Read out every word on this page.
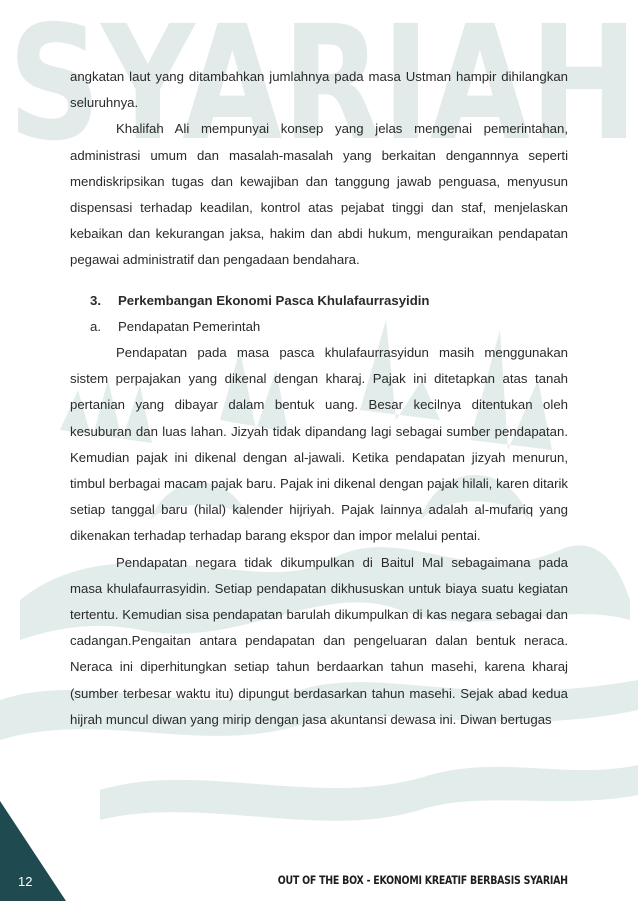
SYARIAH

angkatan laut yang ditambahkan jumlahnya pada masa Ustman hampir dihilangkan seluruhnya.

Khalifah Ali mempunyai konsep yang jelas mengenai pemerintahan, administrasi umum dan masalah-masalah yang berkaitan dengannnya seperti mendiskripsikan tugas dan kewajiban dan tanggung jawab penguasa, menyusun dispensasi terhadap keadilan, kontrol atas pejabat tinggi dan staf, menjelaskan kebaikan dan kekurangan jaksa, hakim dan abdi hukum, menguraikan pendapatan pegawai administratif dan pengadaan bendahara.

3. Perkembangan Ekonomi Pasca Khulafaurrasyidin

a. Pendapatan Pemerintah

Pendapatan pada masa pasca khulafaurrasyidun masih menggunakan sistem perpajakan yang dikenal dengan kharaj. Pajak ini ditetapkan atas tanah pertanian yang dibayar dalam bentuk uang. Besar kecilnya ditentukan oleh kesuburan dan luas lahan. Jizyah tidak dipandang lagi sebagai sumber pendapatan. Kemudian pajak ini dikenal dengan al-jawali. Ketika pendapatan jizyah menurun, timbul berbagai macam pajak baru. Pajak ini dikenal dengan pajak hilali, karen ditarik setiap tanggal baru (hilal) kalender hijriyah. Pajak lainnya adalah al-mufariq yang dikenakan terhadap terhadap barang ekspor dan impor melalui pentai.

Pendapatan negara tidak dikumpulkan di Baitul Mal sebagaimana pada masa khulafaurrasyidin. Setiap pendapatan dikhususkan untuk biaya suatu kegiatan tertentu. Kemudian sisa pendapatan barulah dikumpulkan di kas negara sebagai dan cadangan.Pengaitan antara pendapatan dan pengeluaran dalan bentuk neraca. Neraca ini diperhitungkan setiap tahun berdaarkan tahun masehi, karena kharaj (sumber terbesar waktu itu) dipungut berdasarkan tahun masehi. Sejak abad kedua hijrah muncul diwan yang mirip dengan jasa akuntansi dewasa ini. Diwan bertugas

12	OUT OF THE BOX - EKONOMI KREATIF BERBASIS SYARIAH
